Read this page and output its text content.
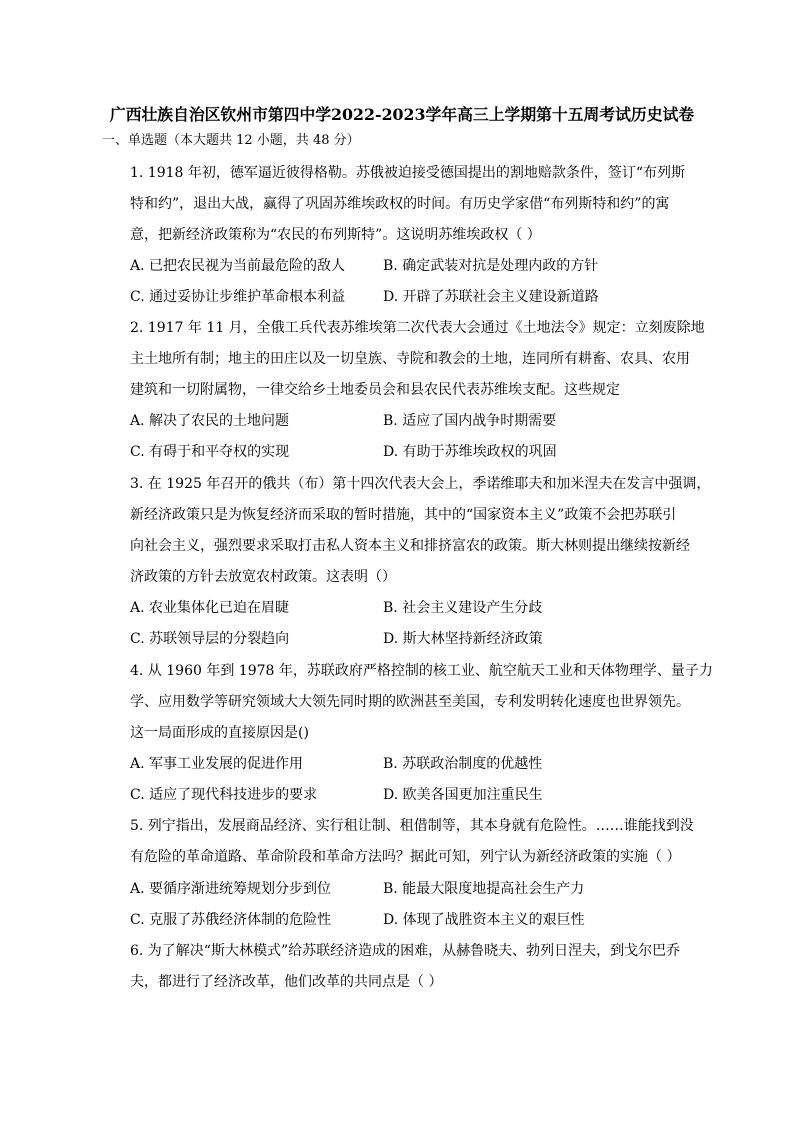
广西壮族自治区钦州市第四中学2022-2023学年高三上学期第十五周考试历史试卷
一、单选题（本大题共 12 小题，共 48 分）
1. 1918 年初，德军逼近彼得格勒。苏俄被迫接受德国提出的割地赔款条件，签订“布列斯
特和约”，退出大战，赢得了巩固苏维埃政权的时间。有历史学家借“布列斯特和约”的寓
意，把新经济政策称为“农民的布列斯特”。这说明苏维埃政权（ ）
A. 已把农民视为当前最危险的敌人	B. 确定武装对抗是处理内政的方针
C. 通过妥协让步维护革命根本利益	D. 开辟了苏联社会主义建设新道路
2. 1917 年 11 月，全俄工兵代表苏维埃第二次代表大会通过《土地法令》规定：立刻废除地
主土地所有制；地主的田庄以及一切皇族、寺院和教会的土地，连同所有耕畜、农具、农用
建筑和一切附属物，一律交给乡土地委员会和县农民代表苏维埃支配。这些规定
A. 解决了农民的土地问题	B. 适应了国内战争时期需要
C. 有碍于和平夺权的实现	D. 有助于苏维埃政权的巩固
3. 在 1925 年召开的俄共（布）第十四次代表大会上，季诺维耶夫和加米涅夫在发言中强调，
新经济政策只是为恢复经济而采取的暂时措施，其中的“国家资本主义”政策不会把苏联引
向社会主义，强烈要求采取打击私人资本主义和排挤富农的政策。斯大林则提出继续按新经
济政策的方针去放宽农村政策。这表明（）
A. 农业集体化已迫在眉睫	B. 社会主义建设产生分歧
C. 苏联领导层的分裂趋向	D. 斯大林坚持新经济政策
4. 从 1960 年到 1978 年，苏联政府严格控制的核工业、航空航天工业和天体物理学、量子力
学、应用数学等研究领域大大领先同时期的欧洲甚至美国，专利发明转化速度也世界领先。
这一局面形成的直接原因是()
A. 军事工业发展的促进作用	B. 苏联政治制度的优越性
C. 适应了现代科技进步的要求	D. 欧美各国更加注重民生
5. 列宁指出，发展商品经济、实行租让制、租借制等，其本身就有危险性。……谁能找到没
有危险的革命道路、革命阶段和革命方法吗？据此可知，列宁认为新经济政策的实施（ ）
A. 要循序渐进统筹规划分步到位	B. 能最大限度地提高社会生产力
C. 克服了苏俄经济体制的危险性	D. 体现了战胜资本主义的艰巨性
6. 为了解决“斯大林模式”给苏联经济造成的困难，从赫鲁晓夫、勃列日涅夫，到戈尔巴乔
夫，都进行了经济改革，他们改革的共同点是（ ）
